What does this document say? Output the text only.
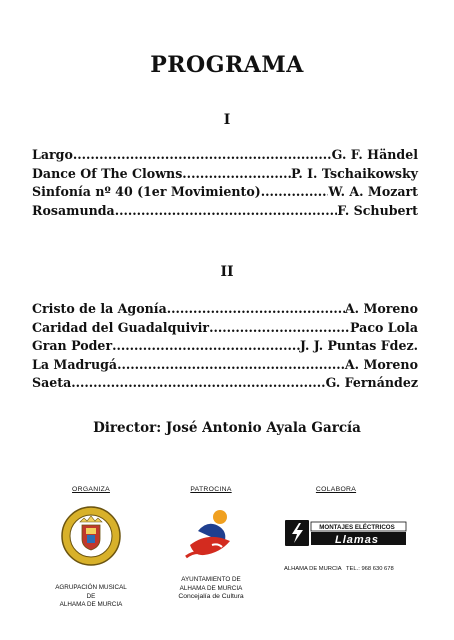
PROGRAMA
I
Largo .....	G. F. Händel
Dance Of The Clowns .....	P. I. Tschaikowsky
Sinfonía nº 40 (1er Movimiento) .....	W. A. Mozart
Rosamunda .....	F. Schubert
II
Cristo de la Agonía .....	A. Moreno
Caridad del Guadalquivir .....	Paco Lola
Gran Poder .....	J. J. Puntas Fdez.
La Madrugá .....	A. Moreno
Saeta .....	G. Fernández
Director: José Antonio Ayala García
ORGANIZA
AGRUPACIÓN MUSICAL
DE
ALHAMA DE MURCIA
PATROCINA
AYUNTAMIENTO DE
ALHAMA DE MURCIA
Concejalía de Cultura
COLABORA
MONTAJES ELÉCTRICOS
Llamas
ALHAMA DE MURCIA TEL.: 968 630 678
